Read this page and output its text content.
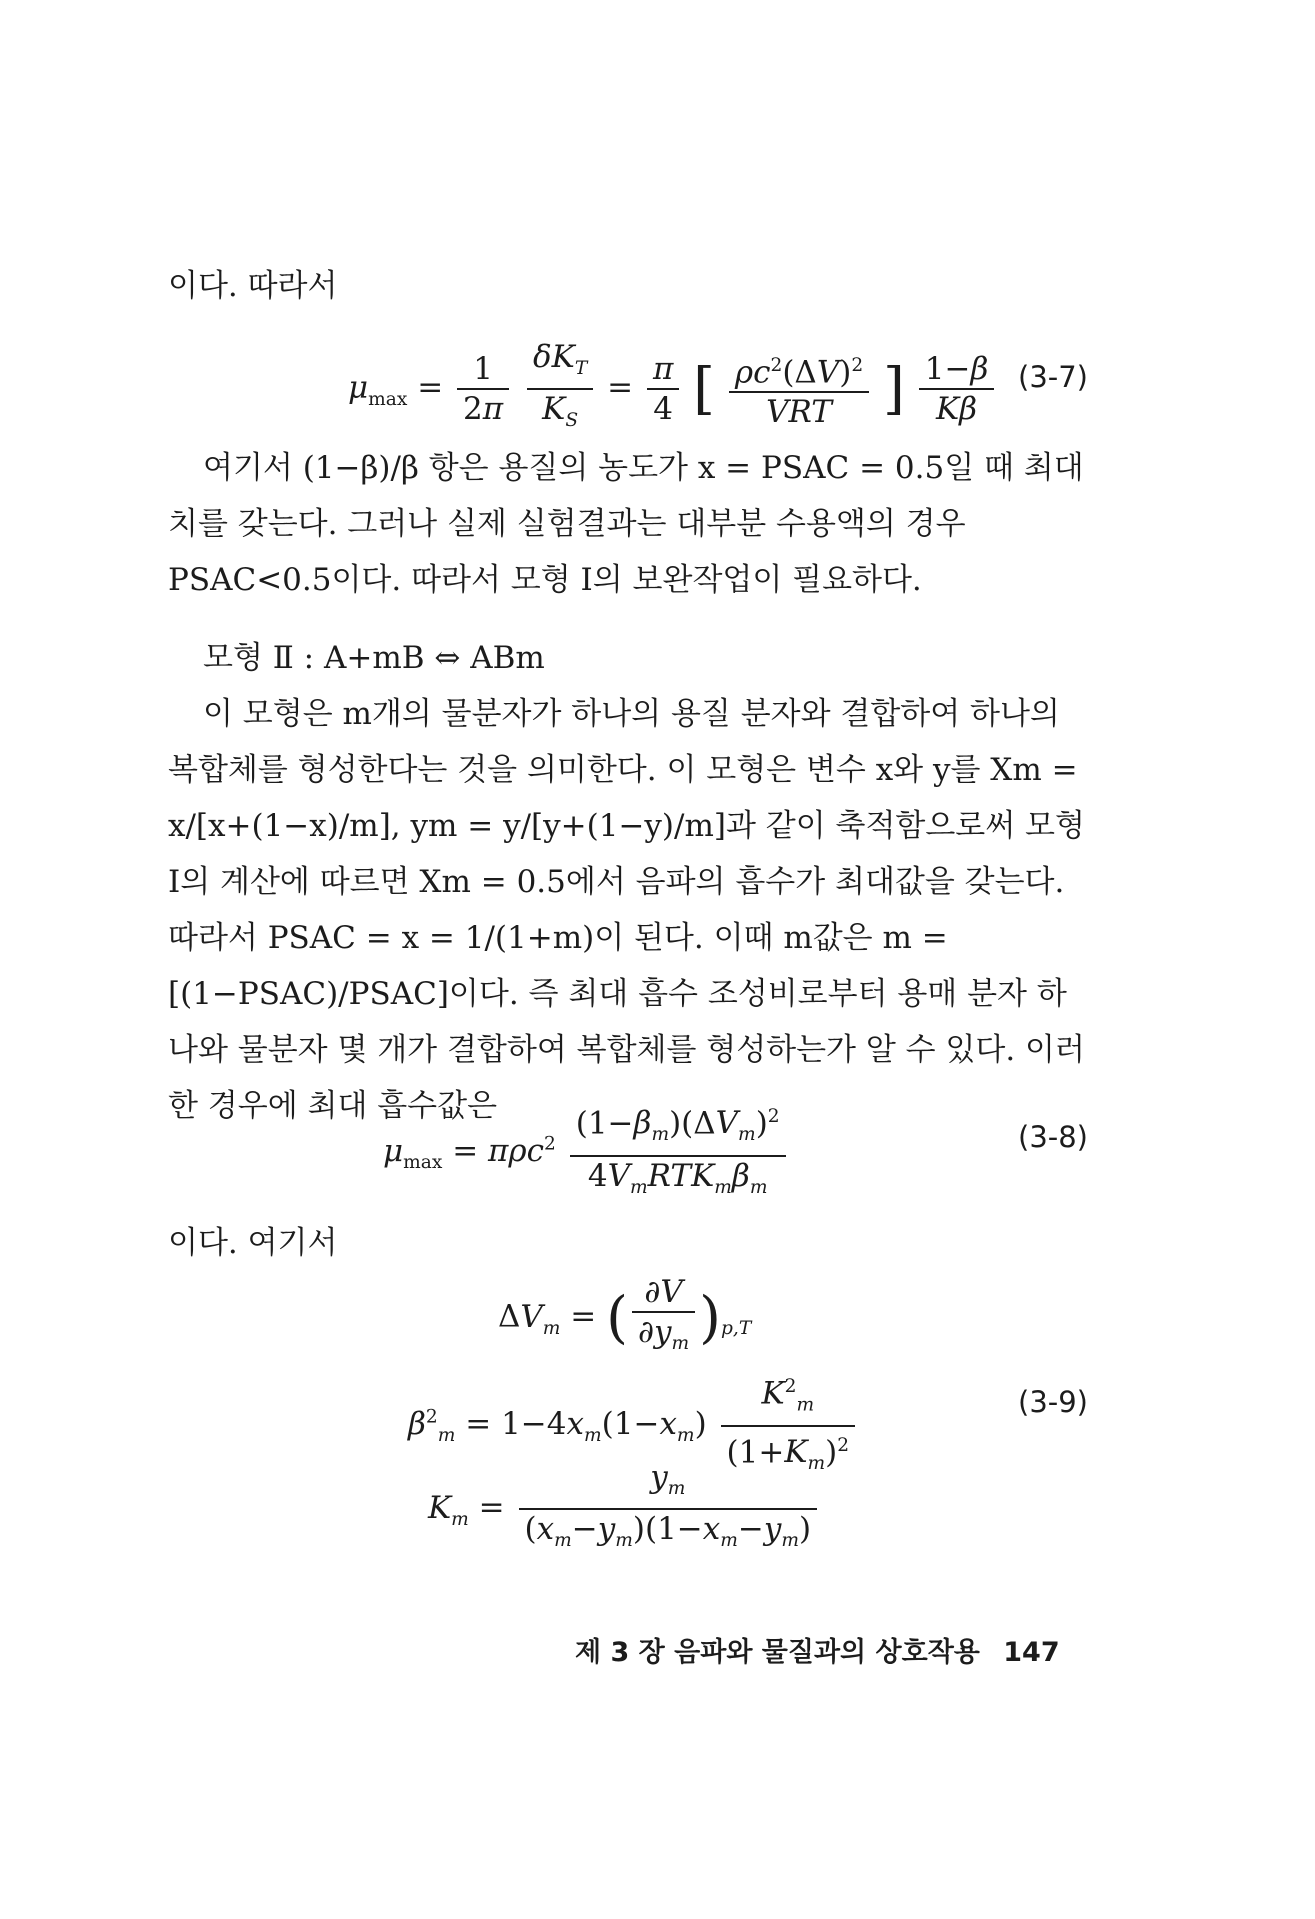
이다. 따라서

$\mu_{max} = \frac{1}{2\pi}$
$\frac{\delta K_T}{K_S} = \frac{\pi}{4}$ [ $\frac{\rho c^2(\Delta V)^2}{\text{VRT}}$ ] $\frac{1-\beta}{K\beta} (3-7)$

여기서 (1−β)/β 항은 용질의 농도가 x = PSAC = 0.5일 때 최대치를 갖는다. 그러나 실제 실험결과는 대부분 수용액의 경우 PSAC<0.5이다. 따라서 모형 Ⅰ의 보완작업이 필요하다.

모형 Ⅱ : A+mB ⇔ ABm

이 모형은 m개의 물분자가 하나의 용질 분자와 결합하여 하나의 복합체를 형성한다는 것을 의미한다. 이 모형은 변수 x와 y를 Xm = x/[x+(1−x)/m], ym = y/[y+(1−y)/m]과 같이 축적함으로써 모형 Ⅰ의 계산에 따르면 Xm = 0.5에서 음파의 흡수가 최대값을 갖는다. 따라서 PSAC = x = 1/(1+m)이 된다. 이때 m값은 m = [(1−PSAC)/PSAC]이다. 즉 최대 흡수 조성비로부터 용매 분자 하나와 물분자 몇 개가 결합하여 복합체를 형성하는가 알 수 있다. 이러한 경우에 최대 흡수값은

$\mu_{max} = \pi\rho c^2 \frac{(1-\beta_m)(\Delta V_m)^2}{4V_mRTK_m\beta_m}$	(3-8)

이다. 여기서

$\Delta V_m$ = ( $\frac{\partial V}{\partial y_m} )_{p,T}$
$\beta^2_m = 1-4x_m(1-x_m) \frac{K^2_m}{(1+K_m)^2}$
$K_m = \frac{y_m}{(x_m-y_m)(1-x_m-y_m)}$
(3-9)
제 3 장 음파와 물질과의 상호작용 147
